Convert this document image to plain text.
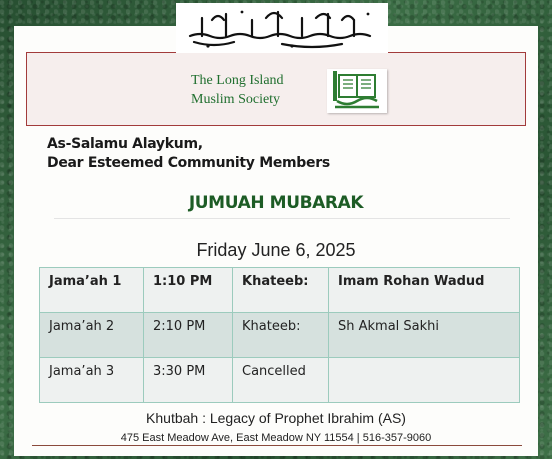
The Long Island Muslim Society
As-Salamu Alaykum,
Dear Esteemed Community Members
JUMUAH MUBARAK
Friday June 6, 2025
Jama’ah 1	1:10 PM	Khateeb:	Imam Rohan Wadud
Jama’ah 2	2:10 PM	Khateeb:	Sh Akmal Sakhi
Jama’ah 3	3:30 PM	Cancelled	
Khutbah : Legacy of Prophet Ibrahim (AS)
475 East Meadow Ave, East Meadow NY 11554 | 516-357-9060
